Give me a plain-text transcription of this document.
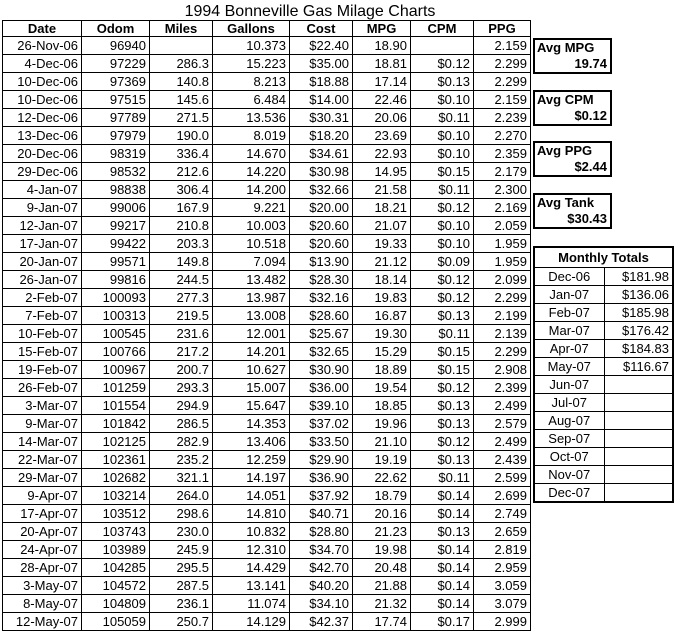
1994 Bonneville Gas Milage Charts
Date	Odom	Miles	Gallons	Cost	MPG	CPM	PPG
26-Nov-06	96940		10.373	$22.40	18.90		2.159
4-Dec-06	97229	286.3	15.223	$35.00	18.81	$0.12	2.299
10-Dec-06	97369	140.8	8.213	$18.88	17.14	$0.13	2.299
10-Dec-06	97515	145.6	6.484	$14.00	22.46	$0.10	2.159
12-Dec-06	97789	271.5	13.536	$30.31	20.06	$0.11	2.239
13-Dec-06	97979	190.0	8.019	$18.20	23.69	$0.10	2.270
20-Dec-06	98319	336.4	14.670	$34.61	22.93	$0.10	2.359
29-Dec-06	98532	212.6	14.220	$30.98	14.95	$0.15	2.179
4-Jan-07	98838	306.4	14.200	$32.66	21.58	$0.11	2.300
9-Jan-07	99006	167.9	9.221	$20.00	18.21	$0.12	2.169
12-Jan-07	99217	210.8	10.003	$20.60	21.07	$0.10	2.059
17-Jan-07	99422	203.3	10.518	$20.60	19.33	$0.10	1.959
20-Jan-07	99571	149.8	7.094	$13.90	21.12	$0.09	1.959
26-Jan-07	99816	244.5	13.482	$28.30	18.14	$0.12	2.099
2-Feb-07	100093	277.3	13.987	$32.16	19.83	$0.12	2.299
7-Feb-07	100313	219.5	13.008	$28.60	16.87	$0.13	2.199
10-Feb-07	100545	231.6	12.001	$25.67	19.30	$0.11	2.139
15-Feb-07	100766	217.2	14.201	$32.65	15.29	$0.15	2.299
19-Feb-07	100967	200.7	10.627	$30.90	18.89	$0.15	2.908
26-Feb-07	101259	293.3	15.007	$36.00	19.54	$0.12	2.399
3-Mar-07	101554	294.9	15.647	$39.10	18.85	$0.13	2.499
9-Mar-07	101842	286.5	14.353	$37.02	19.96	$0.13	2.579
14-Mar-07	102125	282.9	13.406	$33.50	21.10	$0.12	2.499
22-Mar-07	102361	235.2	12.259	$29.90	19.19	$0.13	2.439
29-Mar-07	102682	321.1	14.197	$36.90	22.62	$0.11	2.599
9-Apr-07	103214	264.0	14.051	$37.92	18.79	$0.14	2.699
17-Apr-07	103512	298.6	14.810	$40.71	20.16	$0.14	2.749
20-Apr-07	103743	230.0	10.832	$28.80	21.23	$0.13	2.659
24-Apr-07	103989	245.9	12.310	$34.70	19.98	$0.14	2.819
28-Apr-07	104285	295.5	14.429	$42.70	20.48	$0.14	2.959
3-May-07	104572	287.5	13.141	$40.20	21.88	$0.14	3.059
8-May-07	104809	236.1	11.074	$34.10	21.32	$0.14	3.079
12-May-07	105059	250.7	14.129	$42.37	17.74	$0.17	2.999
Avg MPG
19.74
Avg CPM
$0.12
Avg PPG
$2.44
Avg Tank
$30.43
Monthly Totals	
Dec-06	$181.98
Jan-07	$136.06
Feb-07	$185.98
Mar-07	$176.42
Apr-07	$184.83
May-07	$116.67
Jun-07	
Jul-07	
Aug-07	
Sep-07	
Oct-07	
Nov-07	
Dec-07	
